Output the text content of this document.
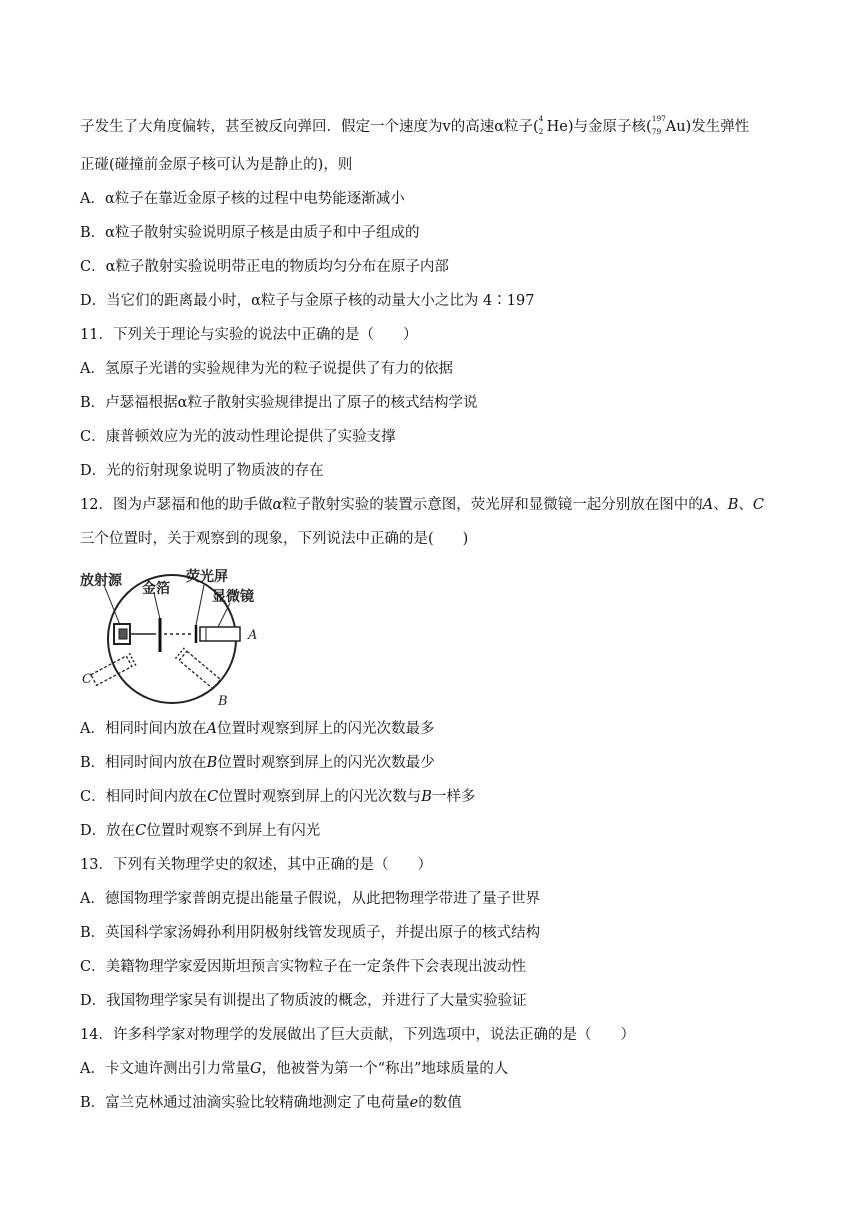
子发生了大角度偏转，甚至被反向弹回．假定一个速度为v的高速α粒子(
4
2 He)与金原子核(
197
79 Au)发生弹性
正碰(碰撞前金原子核可认为是静止的)，则
A．α粒子在靠近金原子核的过程中电势能逐渐减小
B．α粒子散射实验说明原子核是由质子和中子组成的
C．α粒子散射实验说明带正电的物质均匀分布在原子内部
D．当它们的距离最小时，α粒子与金原子核的动量大小之比为 4∶197
11．下列关于理论与实验的说法中正确的是（　　）
A．氢原子光谱的实验规律为光的粒子说提供了有力的依据
B．卢瑟福根据α粒子散射实验规律提出了原子的核式结构学说
C．康普顿效应为光的波动性理论提供了实验支撑
D．光的衍射现象说明了物质波的存在
12．图为卢瑟福和他的助手做α粒子散射实验的装置示意图，荧光屏和显微镜一起分别放在图中的A、B、C
三个位置时，关于观察到的现象，下列说法中正确的是(　　)
放射源 金箔
荧光屏
显微镜
A
B
C
A．相同时间内放在A位置时观察到屏上的闪光次数最多
B．相同时间内放在B位置时观察到屏上的闪光次数最少
C．相同时间内放在C位置时观察到屏上的闪光次数与B一样多
D．放在C位置时观察不到屏上有闪光
13．下列有关物理学史的叙述，其中正确的是（　　）
A．德国物理学家普朗克提出能量子假说，从此把物理学带进了量子世界
B．英国科学家汤姆孙利用阴极射线管发现质子，并提出原子的核式结构
C．美籍物理学家爱因斯坦预言实物粒子在一定条件下会表现出波动性
D．我国物理学家吴有训提出了物质波的概念，并进行了大量实验验证
14．许多科学家对物理学的发展做出了巨大贡献，下列选项中，说法正确的是（　　）
A．卡文迪许测出引力常量G，他被誉为第一个“称出”地球质量的人
B．富兰克林通过油滴实验比较精确地测定了电荷量e的数值
